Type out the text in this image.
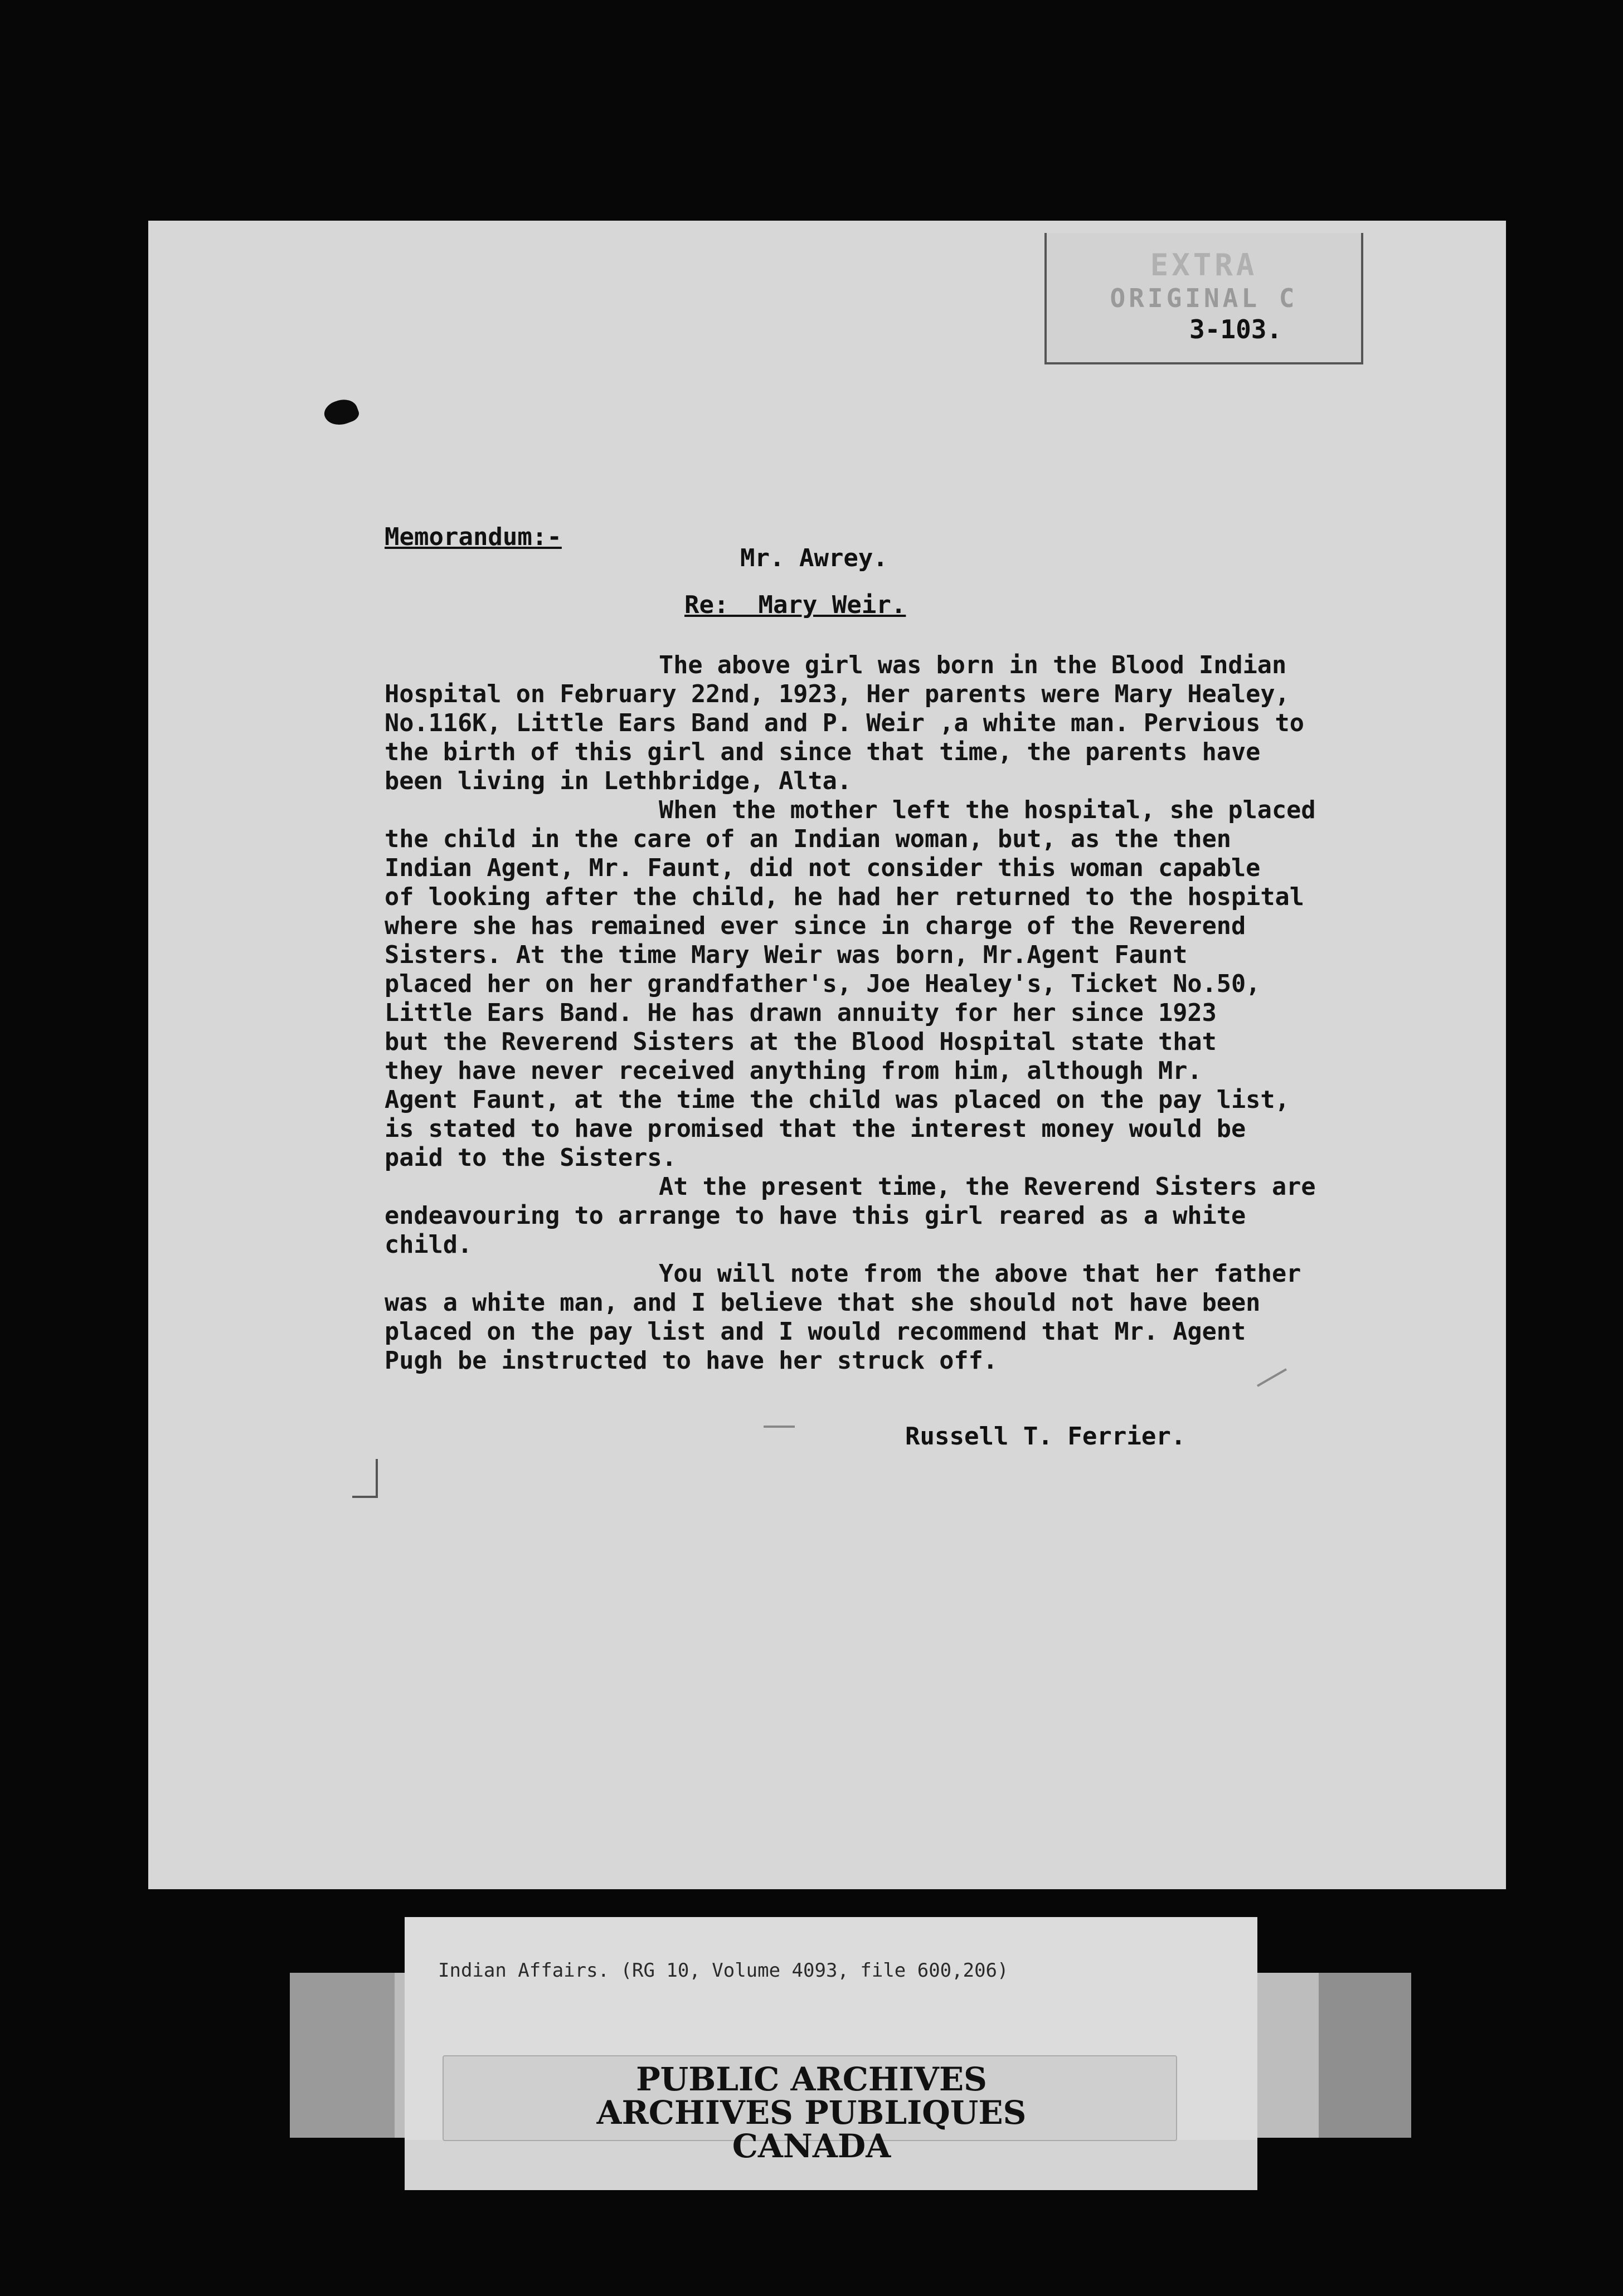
EXTRA
ORIGINAL C
3-103.
Memorandum:-
Mr. Awrey.
Re:  Mary Weir.

The above girl was born in the Blood Indian
Hospital on February 22nd, 1923, Her parents were Mary Healey,
No.116K, Little Ears Band and P. Weir ,a white man. Pervious to
the birth of this girl and since that time, the parents have
been living in Lethbridge, Alta.

When the mother left the hospital, she placed
the child in the care of an Indian woman, but, as the then
Indian Agent, Mr. Faunt, did not consider this woman capable
of looking after the child, he had her returned to the hospital
where she has remained ever since in charge of the Reverend
Sisters. At the time Mary Weir was born, Mr.Agent Faunt
placed her on her grandfather's, Joe Healey's, Ticket No.50,
Little Ears Band. He has drawn annuity for her since 1923
but the Reverend Sisters at the Blood Hospital state that
they have never received anything from him, although Mr.
Agent Faunt, at the time the child was placed on the pay list,
is stated to have promised that the interest money would be
paid to the Sisters.

At the present time, the Reverend Sisters are
endeavouring to arrange to have this girl reared as a white
child.

You will note from the above that her father
was a white man, and I believe that she should not have been
placed on the pay list and I would recommend that Mr. Agent
Pugh be instructed to have her struck off.

Russell T. Ferrier.
Indian Affairs. (RG 10, Volume 4093, file 600,206)
PUBLIC ARCHIVES
ARCHIVES PUBLIQUES
CANADA
